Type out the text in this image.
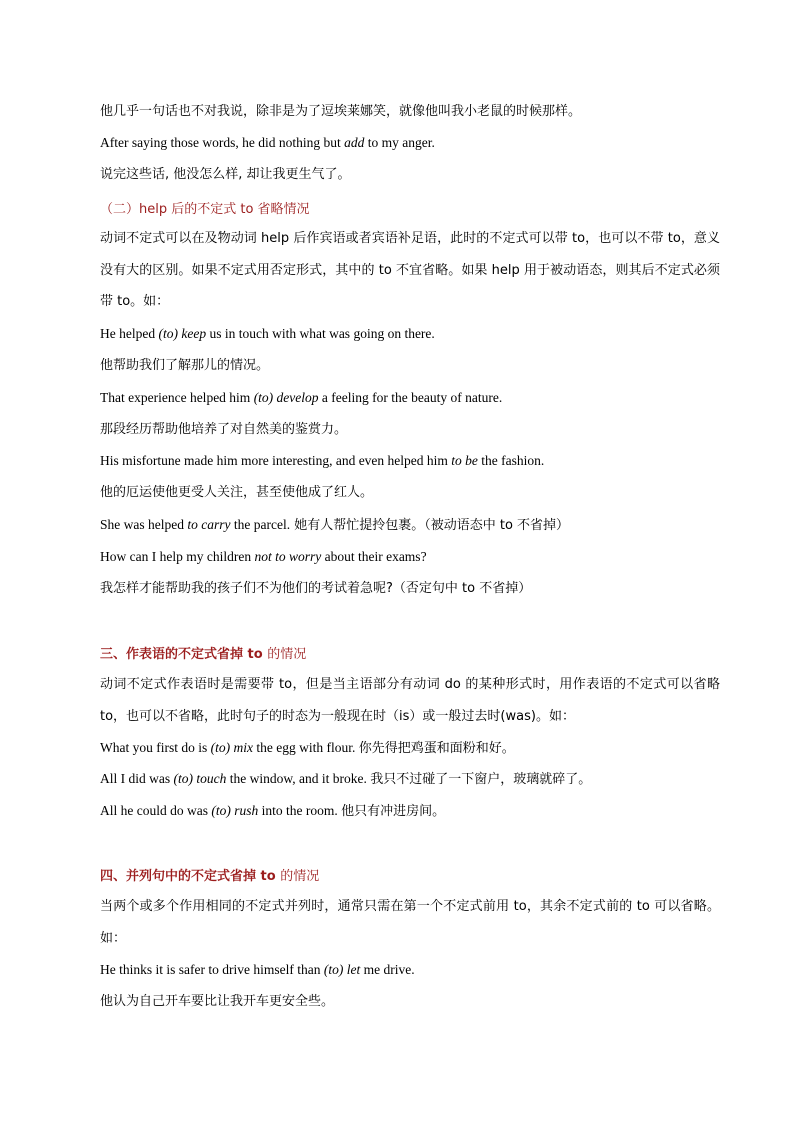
他几乎一句话也不对我说，除非是为了逗埃莱娜笑，就像他叫我小老鼠的时候那样。
After saying those words, he did nothing but add to my anger.
说完这些话, 他没怎么样, 却让我更生气了。
（二）help 后的不定式 to 省略情况
动词不定式可以在及物动词 help 后作宾语或者宾语补足语，此时的不定式可以带 to，也可以不带 to，意义没有大的区别。如果不定式用否定形式，其中的 to 不宜省略。如果 help 用于被动语态，则其后不定式必须带 to。如：
He helped (to) keep us in touch with what was going on there.
他帮助我们了解那儿的情况。
That experience helped him (to) develop a feeling for the beauty of nature.
那段经历帮助他培养了对自然美的鉴赏力。
His misfortune made him more interesting, and even helped him to be the fashion.
他的厄运使他更受人关注，甚至使他成了红人。
She was helped to carry the parcel. 她有人帮忙提拎包裹。（被动语态中 to 不省掉）
How can I help my children not to worry about their exams?
我怎样才能帮助我的孩子们不为他们的考试着急呢?（否定句中 to 不省掉）
三、作表语的不定式省掉 to 的情况
动词不定式作表语时是需要带 to，但是当主语部分有动词 do 的某种形式时，用作表语的不定式可以省略 to，也可以不省略，此时句子的时态为一般现在时（is）或一般过去时(was)。如：
What you first do is (to) mix the egg with flour. 你先得把鸡蛋和面粉和好。
All I did was (to) touch the window, and it broke. 我只不过碰了一下窗户，玻璃就碎了。
All he could do was (to) rush into the room. 他只有冲进房间。
四、并列句中的不定式省掉 to 的情况
当两个或多个作用相同的不定式并列时，通常只需在第一个不定式前用 to，其余不定式前的 to 可以省略。如：
He thinks it is safer to drive himself than (to) let me drive.
他认为自己开车要比让我开车更安全些。
